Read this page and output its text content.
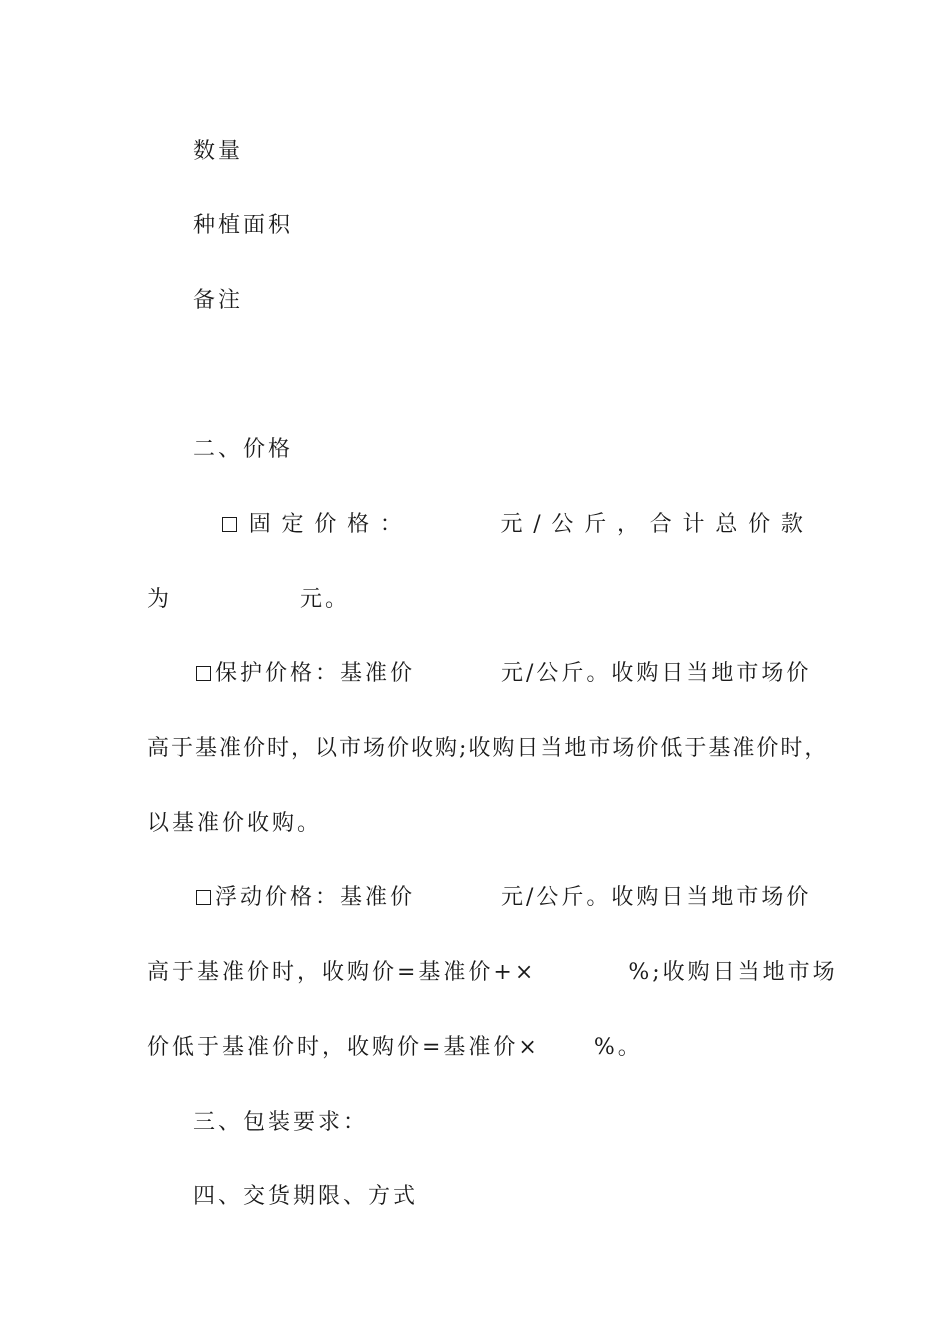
数量
种植面积
备注
二、价格
固 定 价 格 ：	元 / 公 斤 ， 合 计 总 价 款
为	元。
保护价格：基准价	元/公斤。收购日当地市场价
高于基准价时，以市场价收购;收购日当地市场价低于基准价时，
以基准价收购。
浮动价格：基准价	元/公斤。收购日当地市场价
高于基准价时，收购价=基准价+×	%;收购日当地市场
价低于基准价时，收购价=基准价× %。
三、包装要求：
四、交货期限、方式
